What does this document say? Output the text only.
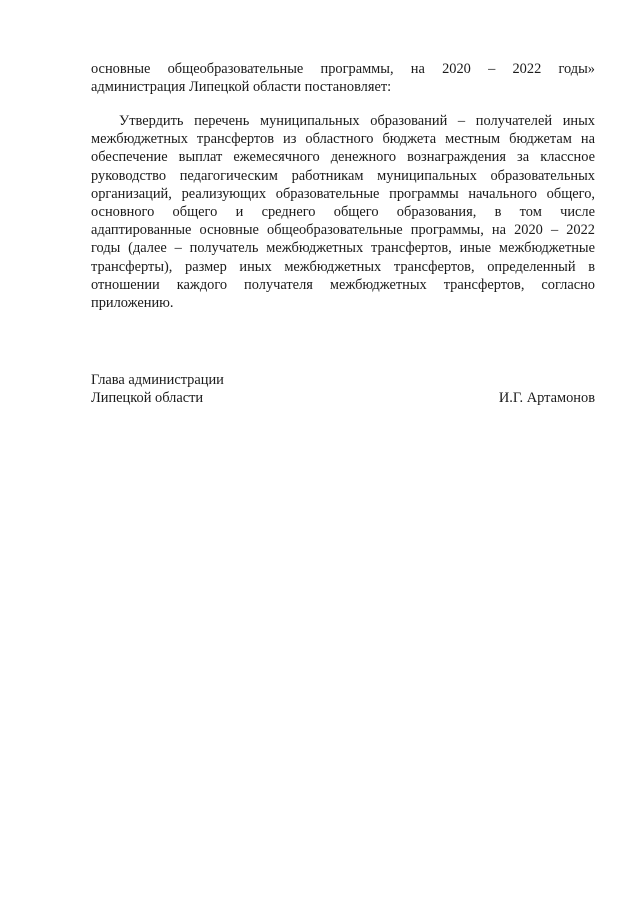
основные общеобразовательные программы, на 2020 – 2022 годы»
администрация Липецкой области постановляет:
Утвердить перечень муниципальных образований – получателей иных
межбюджетных трансфертов из областного бюджета местным бюджетам на
обеспечение выплат ежемесячного денежного вознаграждения за классное
руководство педагогическим работникам муниципальных образовательных
организаций, реализующих образовательные программы начального общего,
основного общего и среднего общего образования, в том числе
адаптированные основные общеобразовательные программы, на 2020 – 2022
годы (далее – получатель межбюджетных трансфертов, иные межбюджетные
трансферты), размер иных межбюджетных трансфертов, определенный в
отношении каждого получателя межбюджетных трансфертов, согласно
приложению.
Глава администрации
Липецкой области	И.Г. Артамонов
